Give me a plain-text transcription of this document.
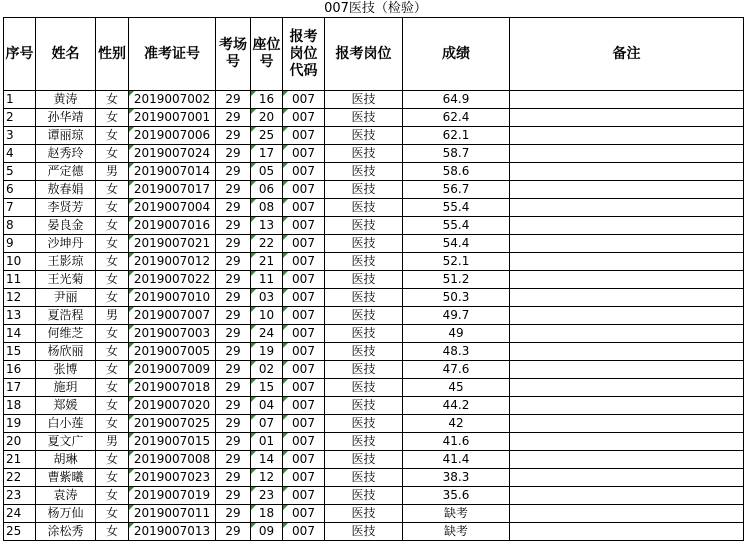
007医技（检验）
序号	姓名	性别	准考证号	考场号	座位号	报考岗位代码	报考岗位	成绩	备注
1	黄涛	女	2019007002	29	16	007	医技	64.9	
2	孙华靖	女	2019007001	29	20	007	医技	62.4	
3	谭丽琼	女	2019007006	29	25	007	医技	62.1	
4	赵秀玲	女	2019007024	29	17	007	医技	58.7	
5	严定德	男	2019007014	29	05	007	医技	58.6	
6	敖春娟	女	2019007017	29	06	007	医技	56.7	
7	李贤芳	女	2019007004	29	08	007	医技	55.4	
8	晏良金	女	2019007016	29	13	007	医技	55.4	
9	沙坤丹	女	2019007021	29	22	007	医技	54.4	
10	王影琼	女	2019007012	29	21	007	医技	52.1	
11	王光菊	女	2019007022	29	11	007	医技	51.2	
12	尹丽	女	2019007010	29	03	007	医技	50.3	
13	夏浩程	男	2019007007	29	10	007	医技	49.7	
14	何维芝	女	2019007003	29	24	007	医技	49	
15	杨欣丽	女	2019007005	29	19	007	医技	48.3	
16	张博	女	2019007009	29	02	007	医技	47.6	
17	施玥	女	2019007018	29	15	007	医技	45	
18	郑媛	女	2019007020	29	04	007	医技	44.2	
19	白小莲	女	2019007025	29	07	007	医技	42	
20	夏文广	男	2019007015	29	01	007	医技	41.6	
21	胡琳	女	2019007008	29	14	007	医技	41.4	
22	曹紫曦	女	2019007023	29	12	007	医技	38.3	
23	袁涛	女	2019007019	29	23	007	医技	35.6	
24	杨万仙	女	2019007011	29	18	007	医技	缺考	
25	涂松秀	女	2019007013	29	09	007	医技	缺考	
